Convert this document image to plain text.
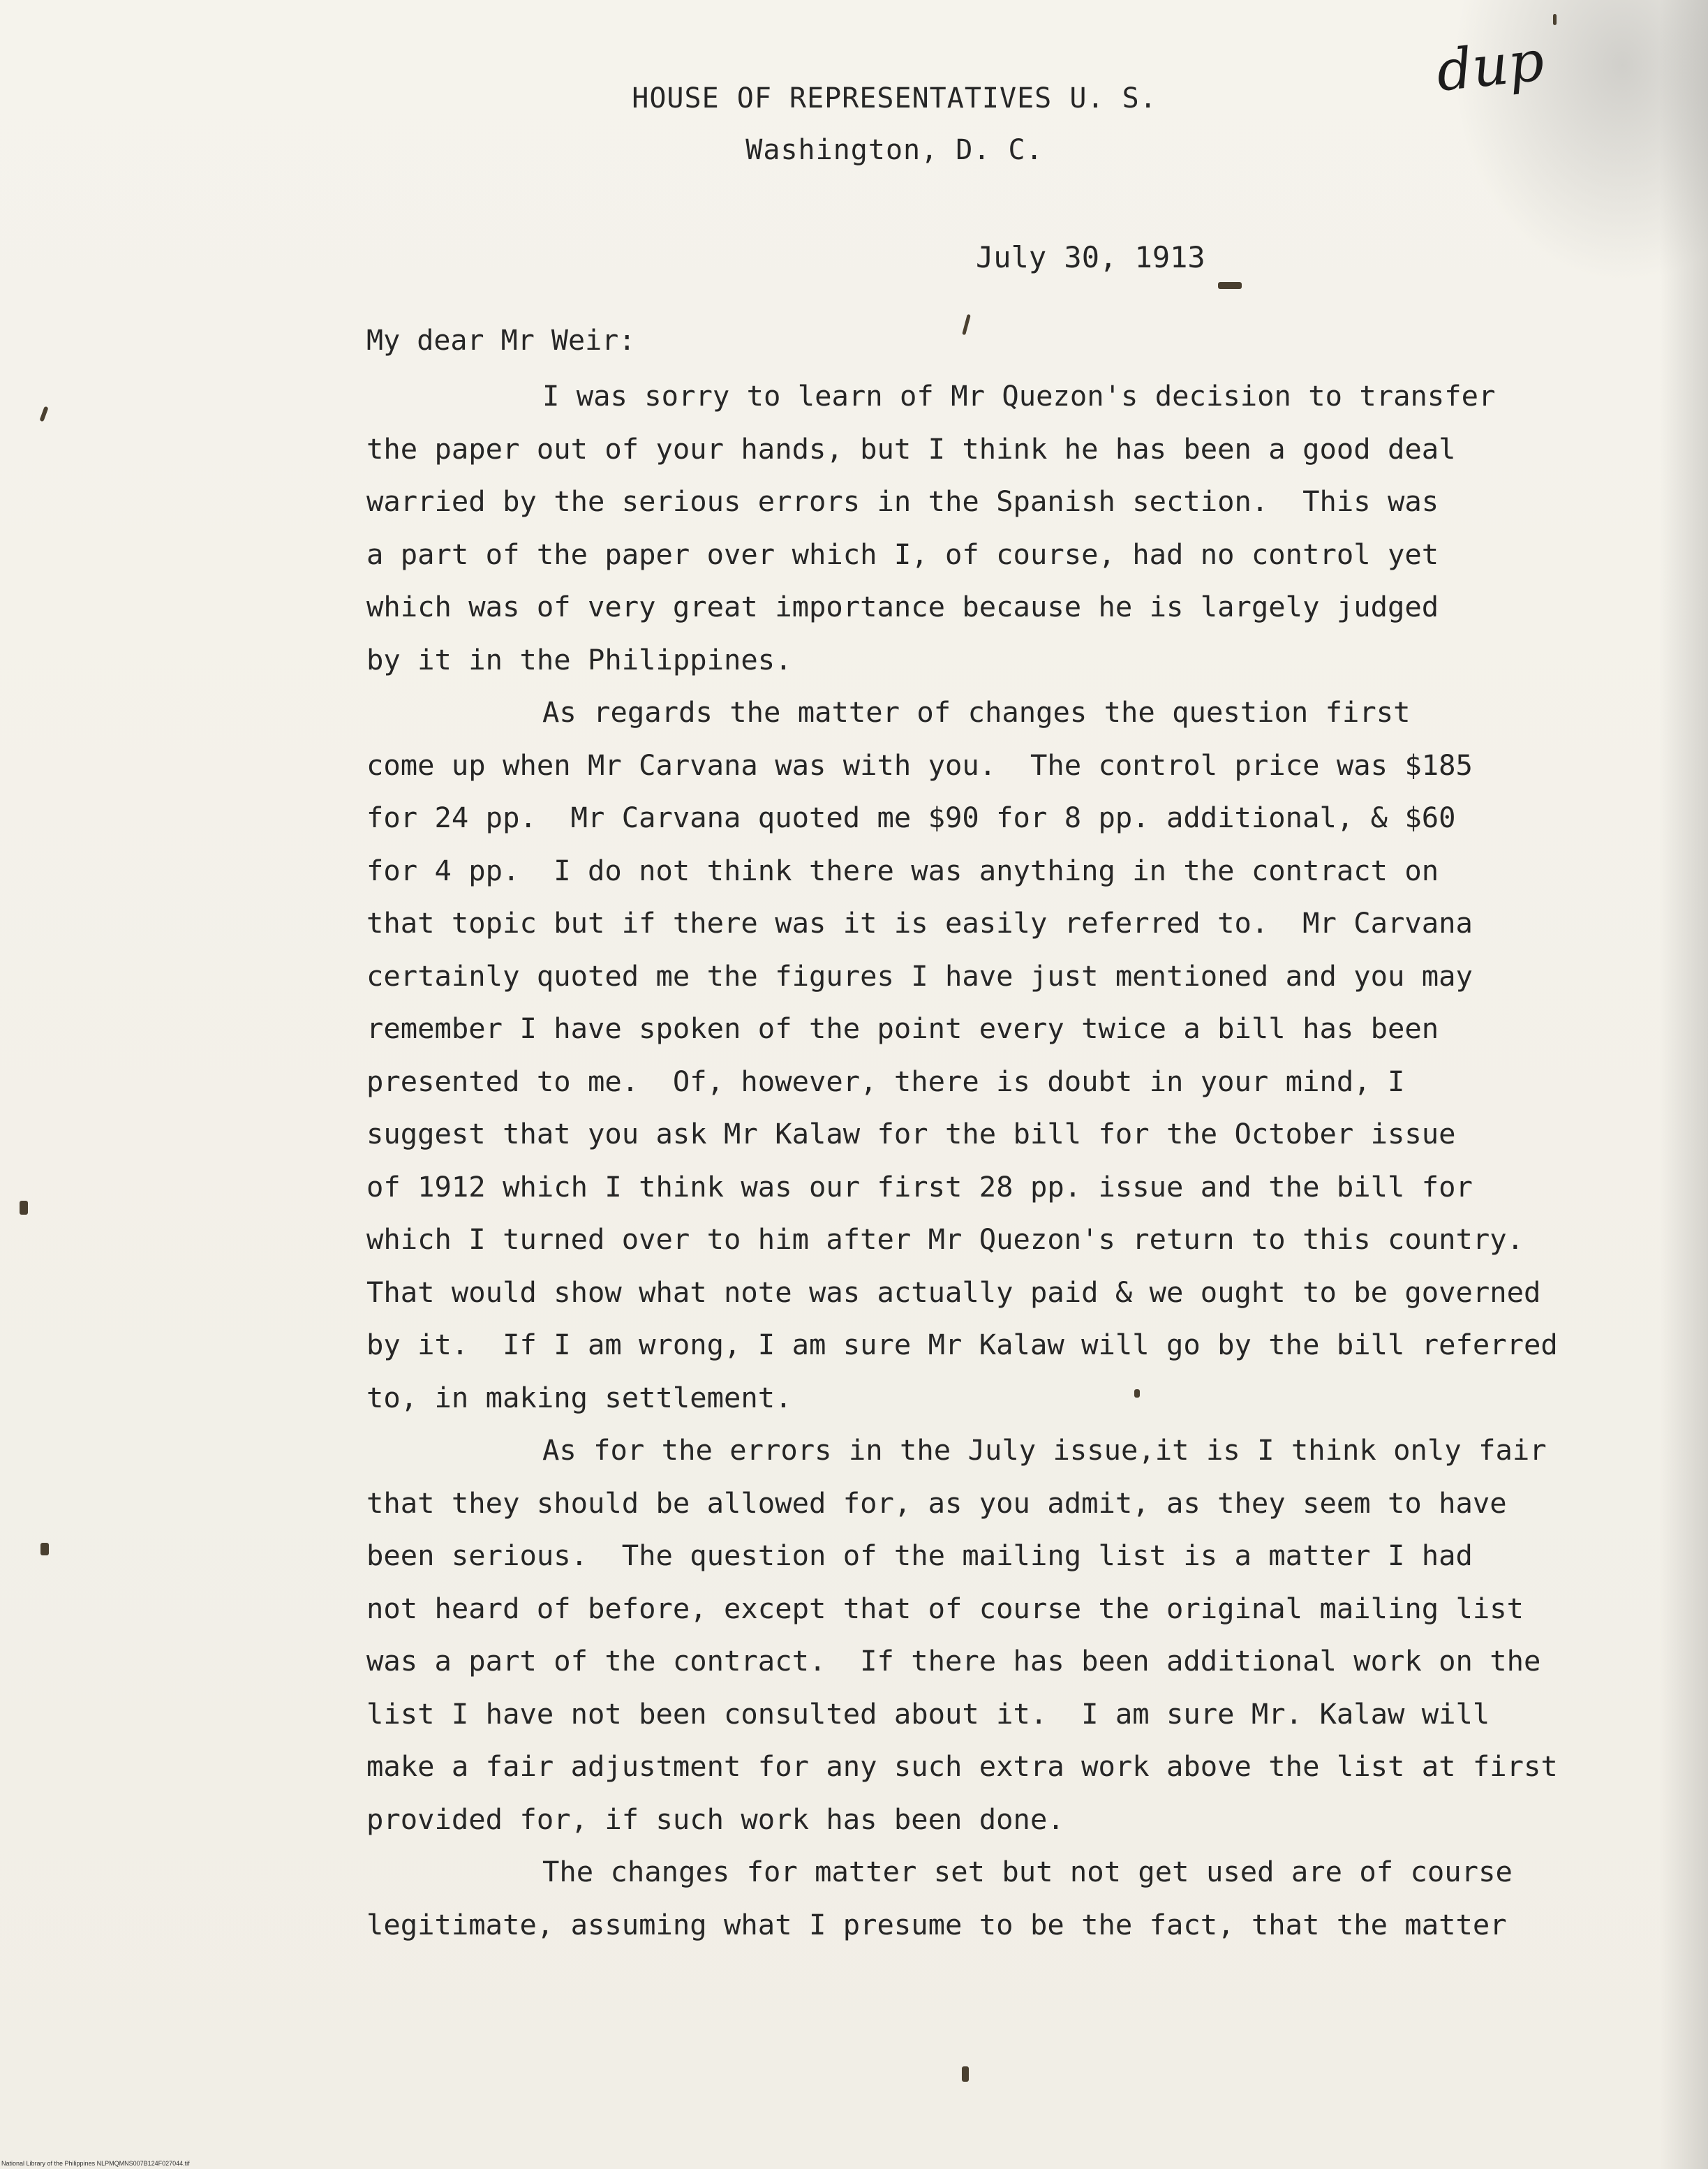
dup
HOUSE OF REPRESENTATIVES U. S.
Washington, D. C.
July 30, 1913
My dear Mr Weir:
I was sorry to learn of Mr Quezon's decision to transfer
the paper out of your hands, but I think he has been a good deal
warried by the serious errors in the Spanish section.  This was
a part of the paper over which I, of course, had no control yet
which was of very great importance because he is largely judged
by it in the Philippines.
As regards the matter of changes the question first
come up when Mr Carvana was with you.  The control price was $185
for 24 pp.  Mr Carvana quoted me $90 for 8 pp. additional, & $60
for 4 pp.  I do not think there was anything in the contract on
that topic but if there was it is easily referred to.  Mr Carvana
certainly quoted me the figures I have just mentioned and you may
remember I have spoken of the point every twice a bill has been
presented to me.  Of, however, there is doubt in your mind, I
suggest that you ask Mr Kalaw for the bill for the October issue
of 1912 which I think was our first 28 pp. issue and the bill for
which I turned over to him after Mr Quezon's return to this country.
That would show what note was actually paid & we ought to be governed
by it.  If I am wrong, I am sure Mr Kalaw will go by the bill referred
to, in making settlement.
As for the errors in the July issue,it is I think only fair
that they should be allowed for, as you admit, as they seem to have
been serious.  The question of the mailing list is a matter I had
not heard of before, except that of course the original mailing list
was a part of the contract.  If there has been additional work on the
list I have not been consulted about it.  I am sure Mr. Kalaw will
make a fair adjustment for any such extra work above the list at first
provided for, if such work has been done.
The changes for matter set but not get used are of course
legitimate, assuming what I presume to be the fact, that the matter
National Library of the Philippines NLPMQMNS007B124F027044.tif
